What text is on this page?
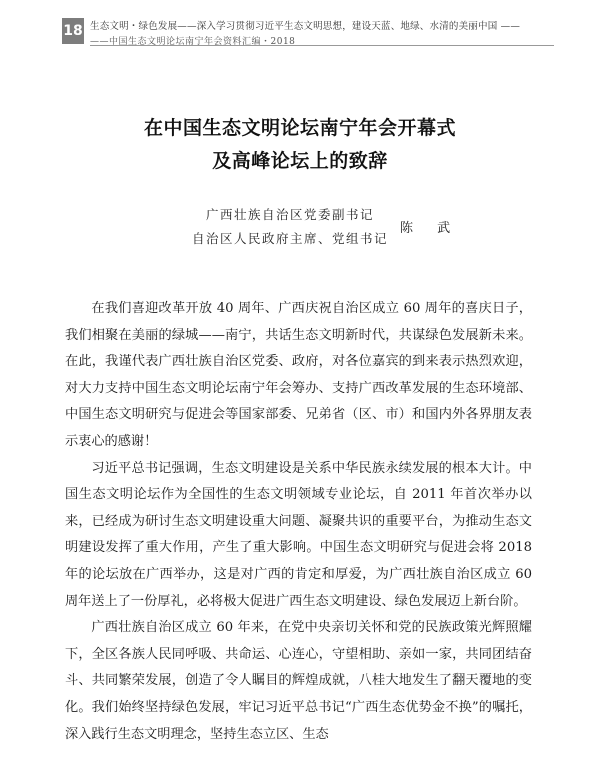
18 生态文明・绿色发展——深入学习贯彻习近平生态文明思想，建设天蓝、地绿、水清的美丽中国 ——
——中国生态文明论坛南宁年会资料汇编・2018
在中国生态文明论坛南宁年会开幕式
及高峰论坛上的致辞
广西壮族自治区党委副书记
自治区人民政府主席、党组书记
陈 武

在我们喜迎改革开放 40 周年、广西庆祝自治区成立 60 周年的喜庆日子，我们相聚在美丽的绿城——南宁，共话生态文明新时代，共谋绿色发展新未来。在此，我谨代表广西壮族自治区党委、政府，对各位嘉宾的到来表示热烈欢迎，对大力支持中国生态文明论坛南宁年会筹办、支持广西改革发展的生态环境部、中国生态文明研究与促进会等国家部委、兄弟省（区、市）和国内外各界朋友表示衷心的感谢！

习近平总书记强调，生态文明建设是关系中华民族永续发展的根本大计。中国生态文明论坛作为全国性的生态文明领域专业论坛，自 2011 年首次举办以来，已经成为研讨生态文明建设重大问题、凝聚共识的重要平台，为推动生态文明建设发挥了重大作用，产生了重大影响。中国生态文明研究与促进会将 2018 年的论坛放在广西举办，这是对广西的肯定和厚爱，为广西壮族自治区成立 60 周年送上了一份厚礼，必将极大促进广西生态文明建设、绿色发展迈上新台阶。

广西壮族自治区成立 60 年来，在党中央亲切关怀和党的民族政策光辉照耀下，全区各族人民同呼吸、共命运、心连心，守望相助、亲如一家，共同团结奋斗、共同繁荣发展，创造了令人瞩目的辉煌成就，八桂大地发生了翻天覆地的变化。我们始终坚持绿色发展，牢记习近平总书记“广西生态优势金不换”的嘱托，深入践行生态文明理念，坚持生态立区、生态
